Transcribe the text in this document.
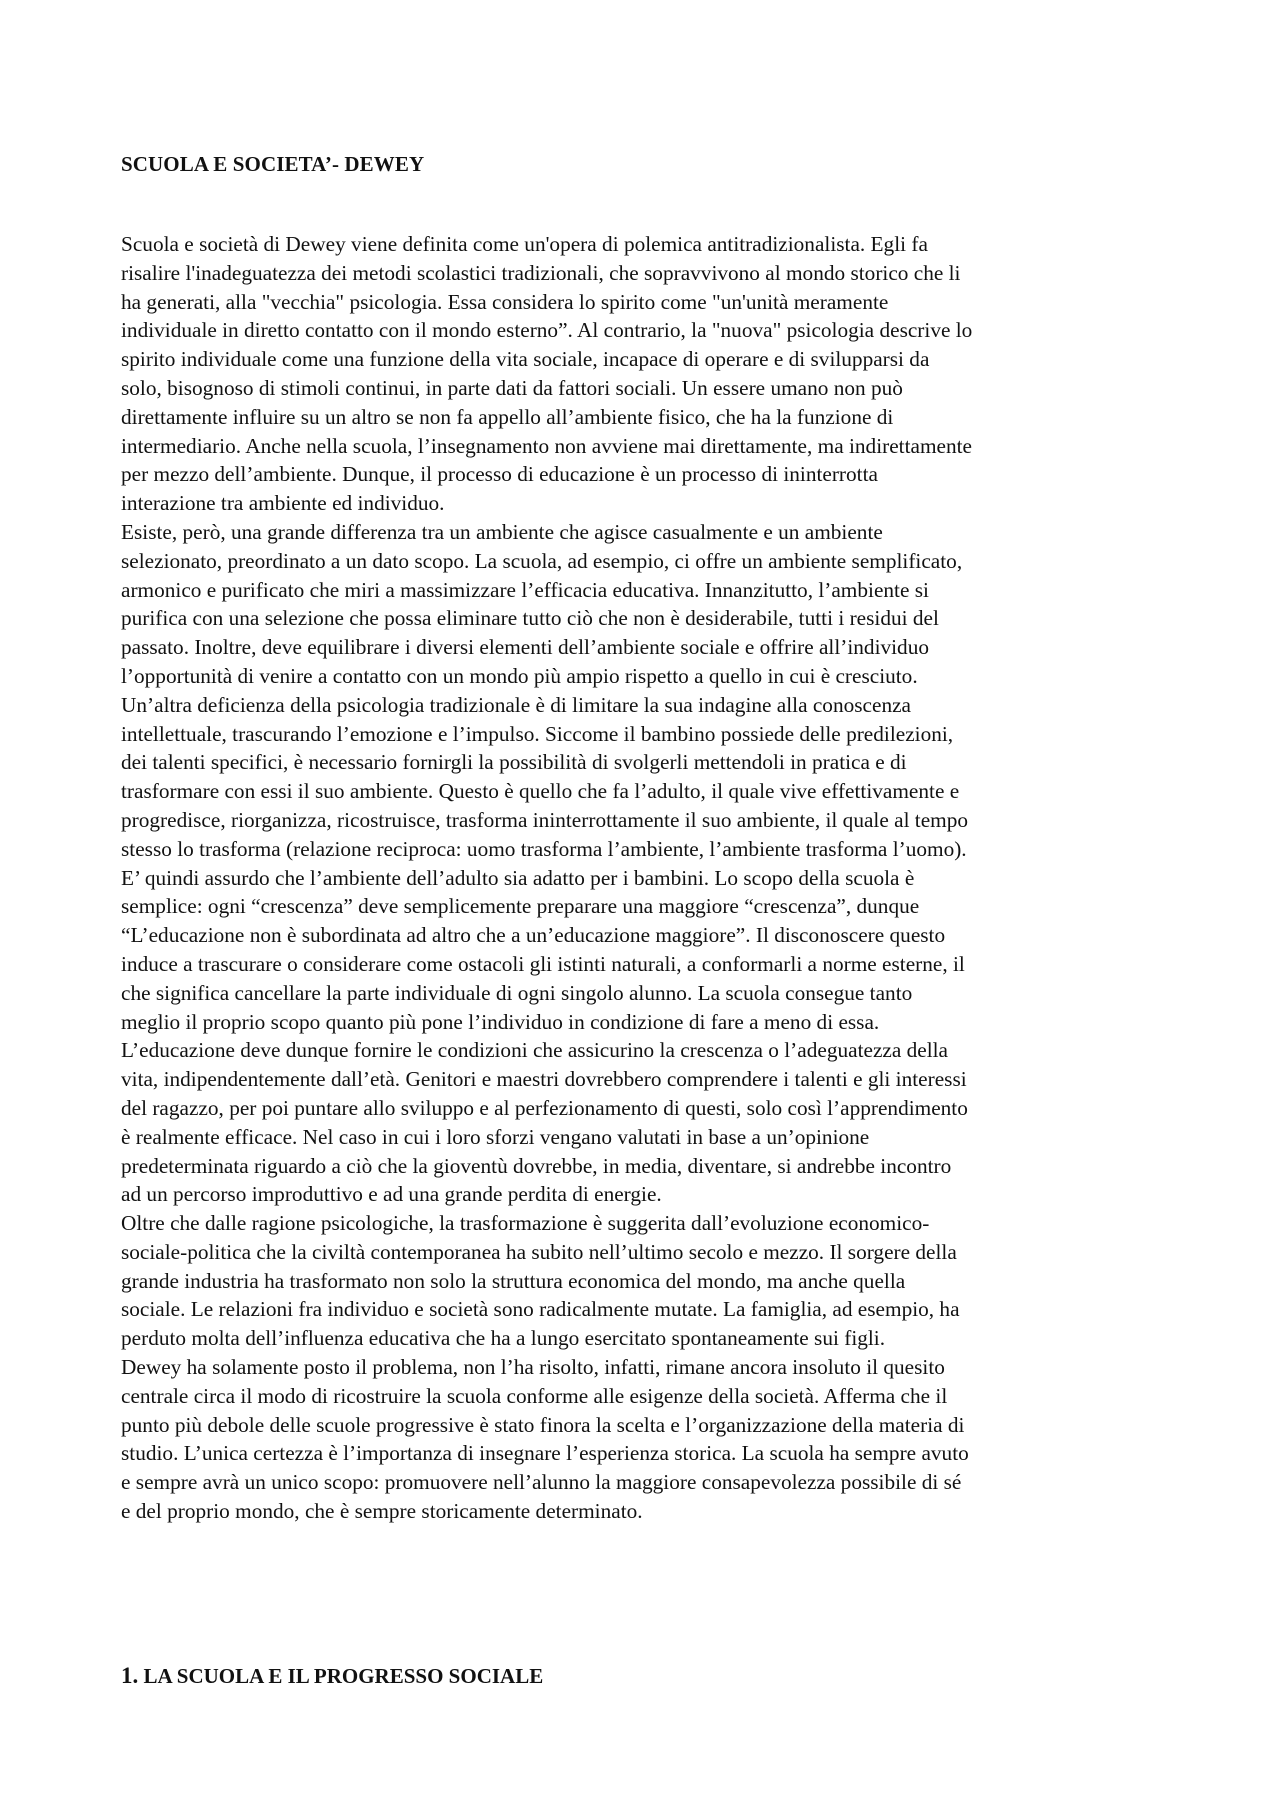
SCUOLA E SOCIETA’- DEWEY
Scuola e società di Dewey viene definita come un'opera di polemica antitradizionalista. Egli fa
risalire l'inadeguatezza dei metodi scolastici tradizionali, che sopravvivono al mondo storico che li
ha generati, alla "vecchia" psicologia. Essa considera lo spirito come "un'unità meramente
individuale in diretto contatto con il mondo esterno”. Al contrario, la "nuova" psicologia descrive lo
spirito individuale come una funzione della vita sociale, incapace di operare e di svilupparsi da
solo, bisognoso di stimoli continui, in parte dati da fattori sociali. Un essere umano non può
direttamente influire su un altro se non fa appello all’ambiente fisico, che ha la funzione di
intermediario. Anche nella scuola, l’insegnamento non avviene mai direttamente, ma indirettamente
per mezzo dell’ambiente. Dunque, il processo di educazione è un processo di ininterrotta
interazione tra ambiente ed individuo.
Esiste, però, una grande differenza tra un ambiente che agisce casualmente e un ambiente
selezionato, preordinato a un dato scopo. La scuola, ad esempio, ci offre un ambiente semplificato,
armonico e purificato che miri a massimizzare l’efficacia educativa. Innanzitutto, l’ambiente si
purifica con una selezione che possa eliminare tutto ciò che non è desiderabile, tutti i residui del
passato. Inoltre, deve equilibrare i diversi elementi dell’ambiente sociale e offrire all’individuo
l’opportunità di venire a contatto con un mondo più ampio rispetto a quello in cui è cresciuto.
Un’altra deficienza della psicologia tradizionale è di limitare la sua indagine alla conoscenza
intellettuale, trascurando l’emozione e l’impulso. Siccome il bambino possiede delle predilezioni,
dei talenti specifici, è necessario fornirgli la possibilità di svolgerli mettendoli in pratica e di
trasformare con essi il suo ambiente. Questo è quello che fa l’adulto, il quale vive effettivamente e
progredisce, riorganizza, ricostruisce, trasforma ininterrottamente il suo ambiente, il quale al tempo
stesso lo trasforma (relazione reciproca: uomo trasforma l’ambiente, l’ambiente trasforma l’uomo).
E’ quindi assurdo che l’ambiente dell’adulto sia adatto per i bambini. Lo scopo della scuola è
semplice: ogni “crescenza” deve semplicemente preparare una maggiore “crescenza”, dunque
“L’educazione non è subordinata ad altro che a un’educazione maggiore”. Il disconoscere questo
induce a trascurare o considerare come ostacoli gli istinti naturali, a conformarli a norme esterne, il
che significa cancellare la parte individuale di ogni singolo alunno. La scuola consegue tanto
meglio il proprio scopo quanto più pone l’individuo in condizione di fare a meno di essa.
L’educazione deve dunque fornire le condizioni che assicurino la crescenza o l’adeguatezza della
vita, indipendentemente dall’età. Genitori e maestri dovrebbero comprendere i talenti e gli interessi
del ragazzo, per poi puntare allo sviluppo e al perfezionamento di questi, solo così l’apprendimento
è realmente efficace. Nel caso in cui i loro sforzi vengano valutati in base a un’opinione
predeterminata riguardo a ciò che la gioventù dovrebbe, in media, diventare, si andrebbe incontro
ad un percorso improduttivo e ad una grande perdita di energie.
Oltre che dalle ragione psicologiche, la trasformazione è suggerita dall’evoluzione economico-
sociale-politica che la civiltà contemporanea ha subito nell’ultimo secolo e mezzo. Il sorgere della
grande industria ha trasformato non solo la struttura economica del mondo, ma anche quella
sociale. Le relazioni fra individuo e società sono radicalmente mutate. La famiglia, ad esempio, ha
perduto molta dell’influenza educativa che ha a lungo esercitato spontaneamente sui figli.
Dewey ha solamente posto il problema, non l’ha risolto, infatti, rimane ancora insoluto il quesito
centrale circa il modo di ricostruire la scuola conforme alle esigenze della società. Afferma che il
punto più debole delle scuole progressive è stato finora la scelta e l’organizzazione della materia di
studio. L’unica certezza è l’importanza di insegnare l’esperienza storica. La scuola ha sempre avuto
e sempre avrà un unico scopo: promuovere nell’alunno la maggiore consapevolezza possibile di sé
e del proprio mondo, che è sempre storicamente determinato.
1. LA SCUOLA E IL PROGRESSO SOCIALE
